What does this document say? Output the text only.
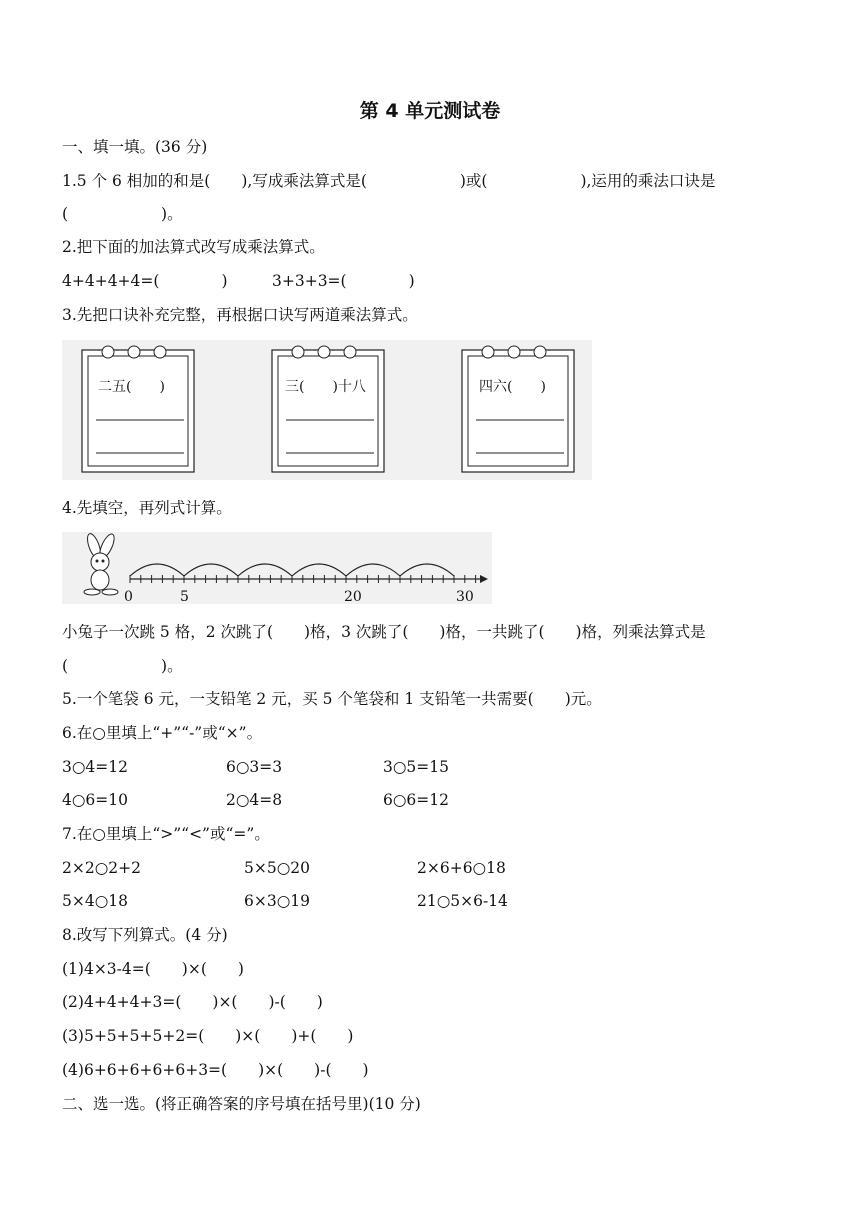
第 4 单元测试卷
一、填一填。(36 分)
1.5 个 6 相加的和是(　　),写成乘法算式是(　　　　　　)或(　　　　　　),运用的乘法口诀是
(　　　　　　)。
2.把下面的加法算式改写成乘法算式。
4+4+4+4=(　　　　)	3+3+3=(　　　　)
3.先把口诀补充完整，再根据口诀写两道乘法算式。
二五(　　)	三(　　)十八	四六(　　)
4.先填空，再列式计算。
0	5	20	30
小兔子一次跳 5 格，2 次跳了(　　)格，3 次跳了(　　)格，一共跳了(　　)格，列乘法算式是
(　　　　　　)。
5.一个笔袋 6 元，一支铅笔 2 元，买 5 个笔袋和 1 支铅笔一共需要(　　)元。
6.在○里填上“+”“-”或“×”。
3○4=12	6○3=3	3○5=15
4○6=10	2○4=8	6○6=12
7.在○里填上“>”“<”或“=”。
2×2○2+2	5×5○20	2×6+6○18
5×4○18	6×3○19	21○5×6-14
8.改写下列算式。(4 分)
(1)4×3-4=(　　)×(　　)
(2)4+4+4+3=(　　)×(　　)-(　　)
(3)5+5+5+5+2=(　　)×(　　)+(　　)
(4)6+6+6+6+6+3=(　　)×(　　)-(　　)
二、选一选。(将正确答案的序号填在括号里)(10 分)
